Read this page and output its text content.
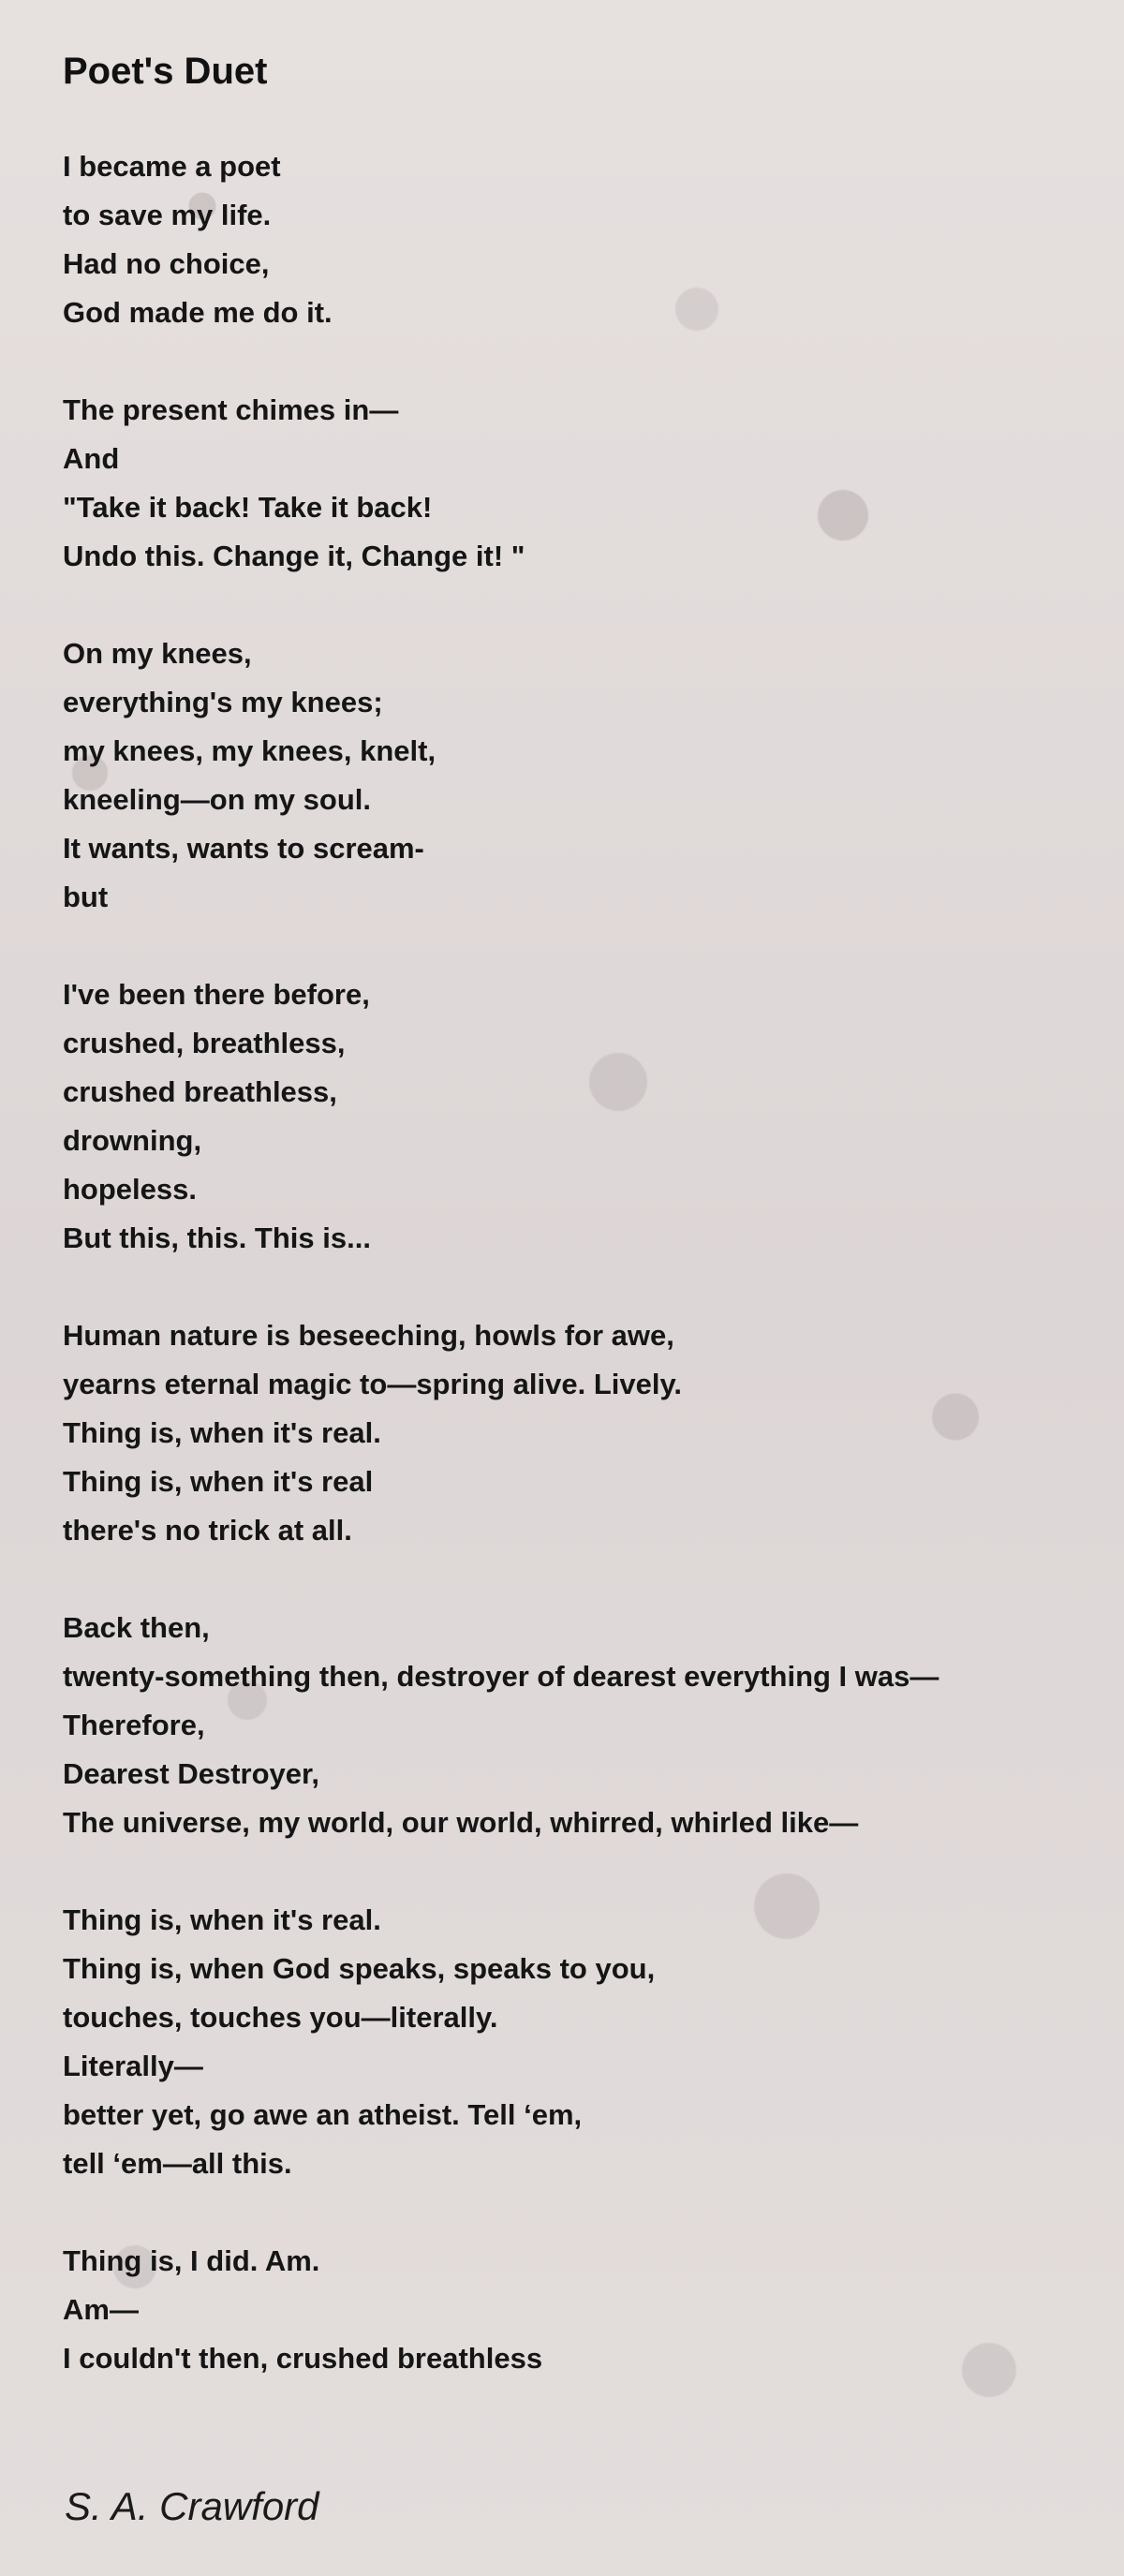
Poet's Duet
I became a poet
to save my life.
Had no choice,
God made me do it.
The present chimes in—
And
"Take it back! Take it back!
Undo this. Change it, Change it! "
On my knees,
everything's my knees;
my knees, my knees, knelt,
kneeling—on my soul.
It wants, wants to scream-
but
I've been there before,
crushed, breathless,
crushed breathless,
drowning,
hopeless.
But this, this. This is...
Human nature is beseeching, howls for awe,
yearns eternal magic to—spring alive. Lively.
Thing is, when it's real.
Thing is, when it's real
there's no trick at all.
Back then,
twenty-something then, destroyer of dearest everything I was—
Therefore,
Dearest Destroyer,
The universe, my world, our world, whirred, whirled like—
Thing is, when it's real.
Thing is, when God speaks, speaks to you,
touches, touches you—literally.
Literally—
better yet, go awe an atheist. Tell ‘em,
tell ‘em—all this.
Thing is, I did. Am.
Am—
I couldn't then, crushed breathless

S. A. Crawford
